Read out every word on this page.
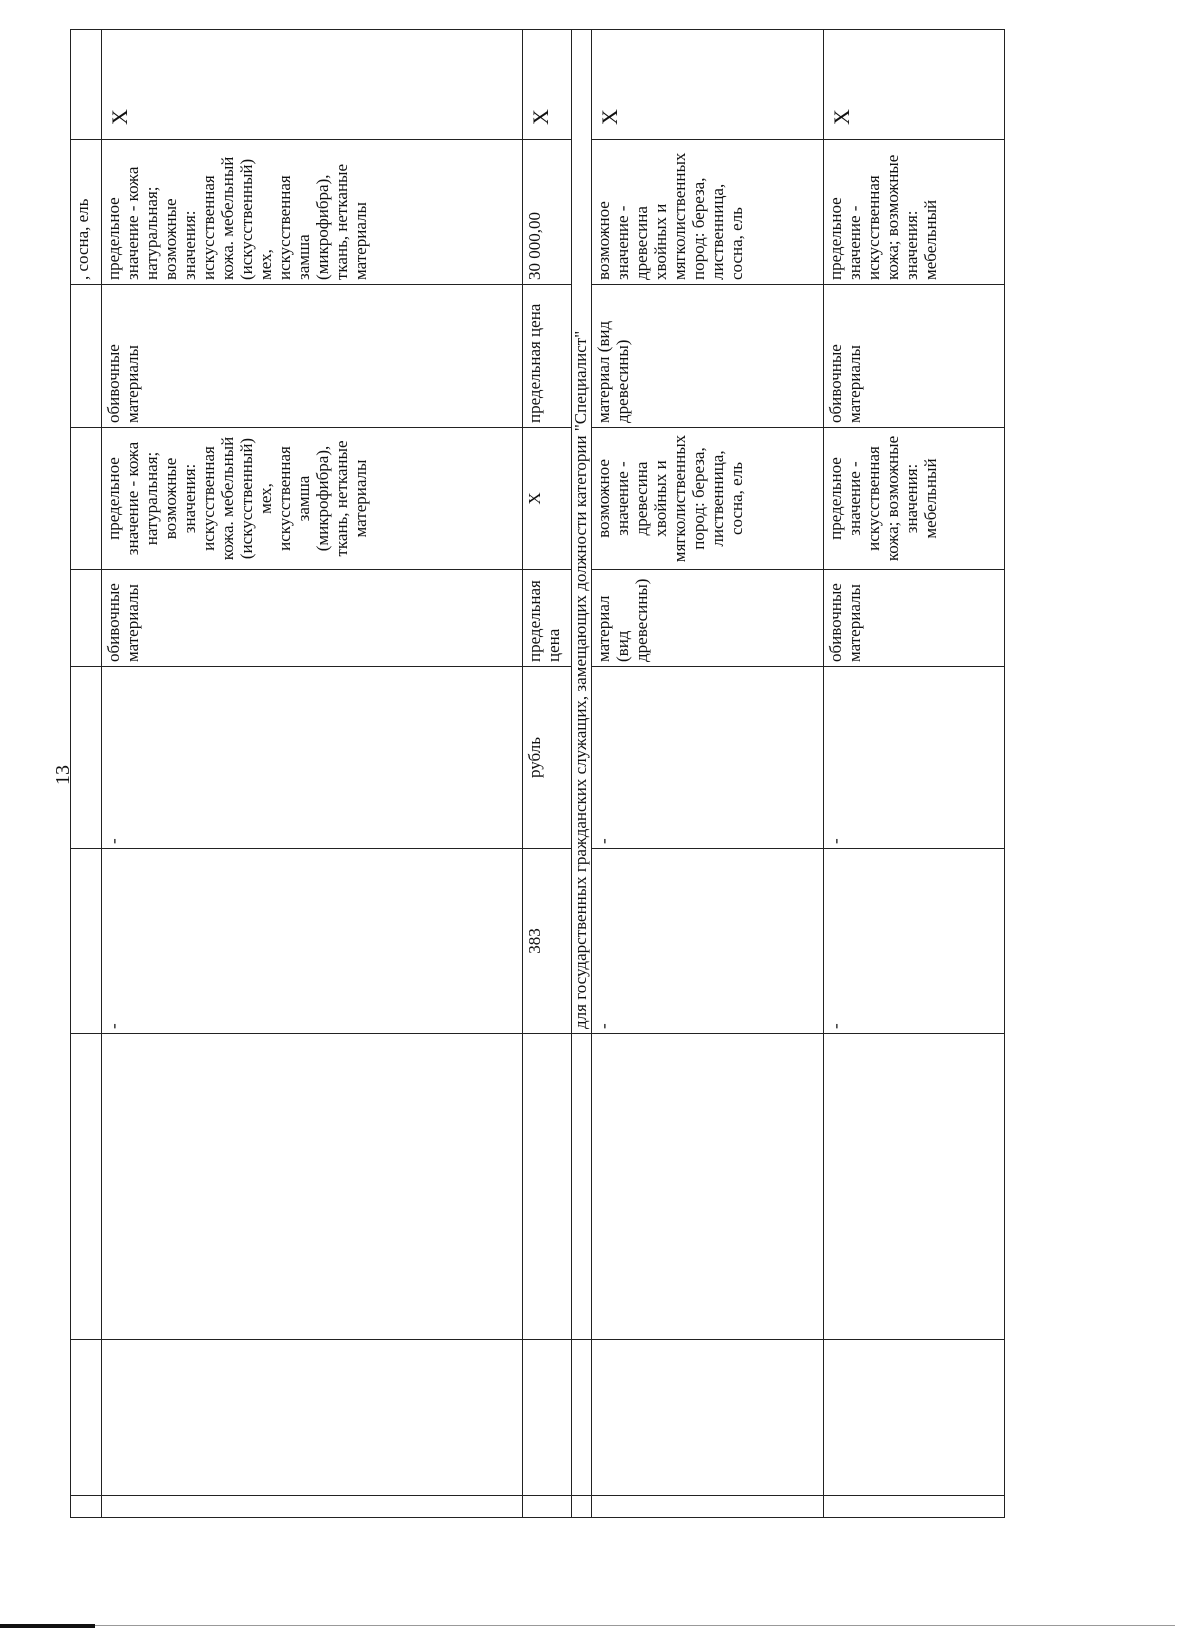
13
								, сосна, ель	
			-	-	обивочные материалы	предельное значение - кожа натуральная; возможные значения: искусственная кожа. мебельный (искусственный) мех, искусственная замша (микрофибра), ткань, нетканые материалы	обивочные материалы	предельное значение - кожа натуральная; возможные значения: искусственная кожа. мебельный (искусственный) мех, искусственная замша (микрофибра), ткань, нетканые материалы	X
			383	рубль	предельная цена	X	предельная цена	30 000,00	X
			для государственных гражданских служащих, замещающих должности категории "Специалист"						
			-	-	материал (вид древесины)	возможное значение - древесина хвойных и мягколиственных пород: береза, лиственница, сосна, ель	материал (вид древесины)	возможное значение - древесина хвойных и мягколиственных пород: береза, лиственница, сосна, ель	X
			-	-	обивочные материалы	предельное значение - искусственная кожа; возможные значения: мебельный	обивочные материалы	предельное значение - искусственная кожа; возможные значения: мебельный	X
